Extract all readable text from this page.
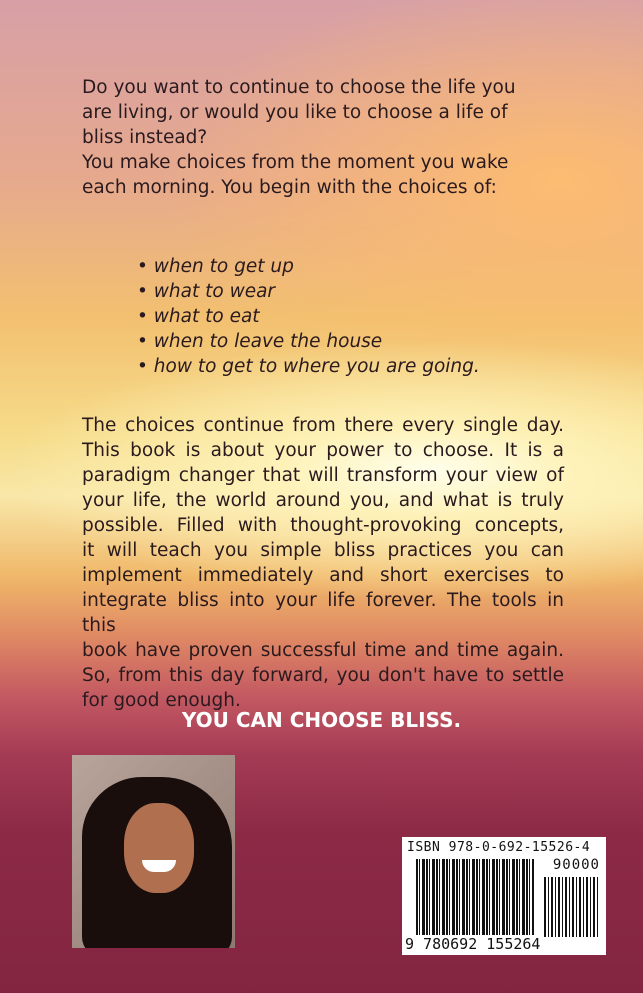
Do you want to continue to choose the life you
are living, or would you like to choose a life of
bliss instead?
You make choices from the moment you wake
each morning. You begin with the choices of:
• when to get up
• what to wear
• what to eat
• when to leave the house
• how to get to where you are going.
The choices continue from there every single day.
This book is about your power to choose. It is a
paradigm changer that will transform your view of
your life, the world around you, and what is truly
possible. Filled with thought-provoking concepts,
it will teach you simple bliss practices you can
implement immediately and short exercises to
integrate bliss into your life forever. The tools in this
book have proven successful time and time again.
So, from this day forward, you don't have to settle
for good enough.
YOU CAN CHOOSE BLISS.
ISBN 978-0-692-15526-4
90000
9 780692 155264
